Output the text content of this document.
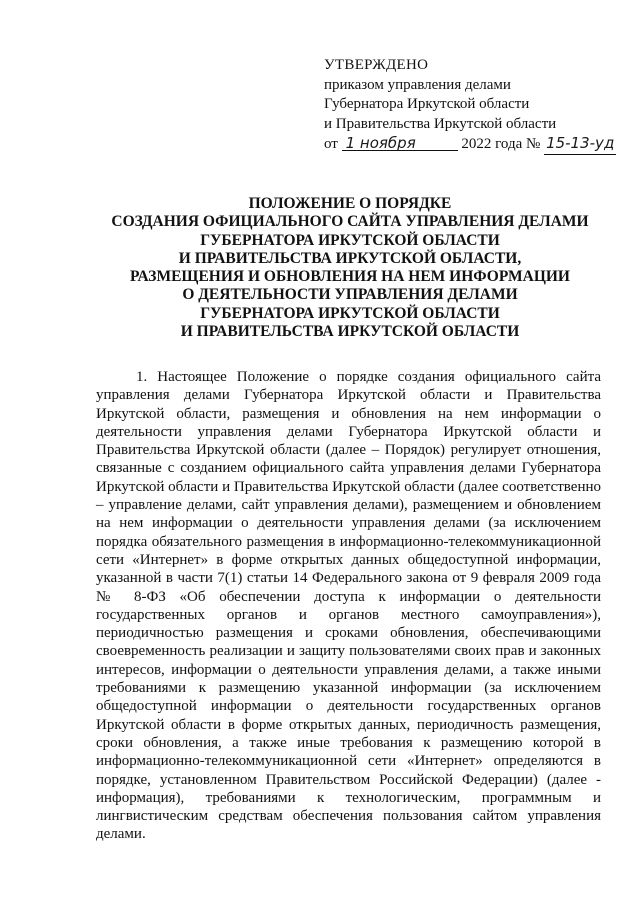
УТВЕРЖДЕНО
приказом управления делами
Губернатора Иркутской области
и Правительства Иркутской области
от 1 ноября	2022 года № 15-13-уд
ПОЛОЖЕНИЕ О ПОРЯДКЕ
СОЗДАНИЯ ОФИЦИАЛЬНОГО САЙТА УПРАВЛЕНИЯ ДЕЛАМИ
ГУБЕРНАТОРА ИРКУТСКОЙ ОБЛАСТИ
И ПРАВИТЕЛЬСТВА ИРКУТСКОЙ ОБЛАСТИ,
РАЗМЕЩЕНИЯ И ОБНОВЛЕНИЯ НА НЕМ ИНФОРМАЦИИ
О ДЕЯТЕЛЬНОСТИ УПРАВЛЕНИЯ ДЕЛАМИ
ГУБЕРНАТОРА ИРКУТСКОЙ ОБЛАСТИ
И ПРАВИТЕЛЬСТВА ИРКУТСКОЙ ОБЛАСТИ

1. Настоящее Положение о порядке создания официального сайта управления делами Губернатора Иркутской области и Правительства Иркутской области, размещения и обновления на нем информации о деятельности управления делами Губернатора Иркутской области и Правительства Иркутской области (далее – Порядок) регулирует отношения, связанные с созданием официального сайта управления делами Губернатора Иркутской области и Правительства Иркутской области (далее соответственно – управление делами, сайт управления делами), размещением и обновлением на нем информации о деятельности управления делами (за исключением порядка обязательного размещения в информационно-телекоммуникационной сети «Интернет» в форме открытых данных общедоступной информации, указанной в части 7(1) статьи 14 Федерального закона от 9 февраля 2009 года № 8-ФЗ «Об обеспечении доступа к информации о деятельности государственных органов и органов местного самоуправления»), периодичностью размещения и сроками обновления, обеспечивающими своевременность реализации и защиту пользователями своих прав и законных интересов, информации о деятельности управления делами, а также иными требованиями к размещению указанной информации (за исключением общедоступной информации о деятельности государственных органов Иркутской области в форме открытых данных, периодичность размещения, сроки обновления, а также иные требования к размещению которой в информационно-телекоммуникационной сети «Интернет» определяются в порядке, установленном Правительством Российской Федерации) (далее - информация), требованиями к технологическим, программным и лингвистическим средствам обеспечения пользования сайтом управления делами.
